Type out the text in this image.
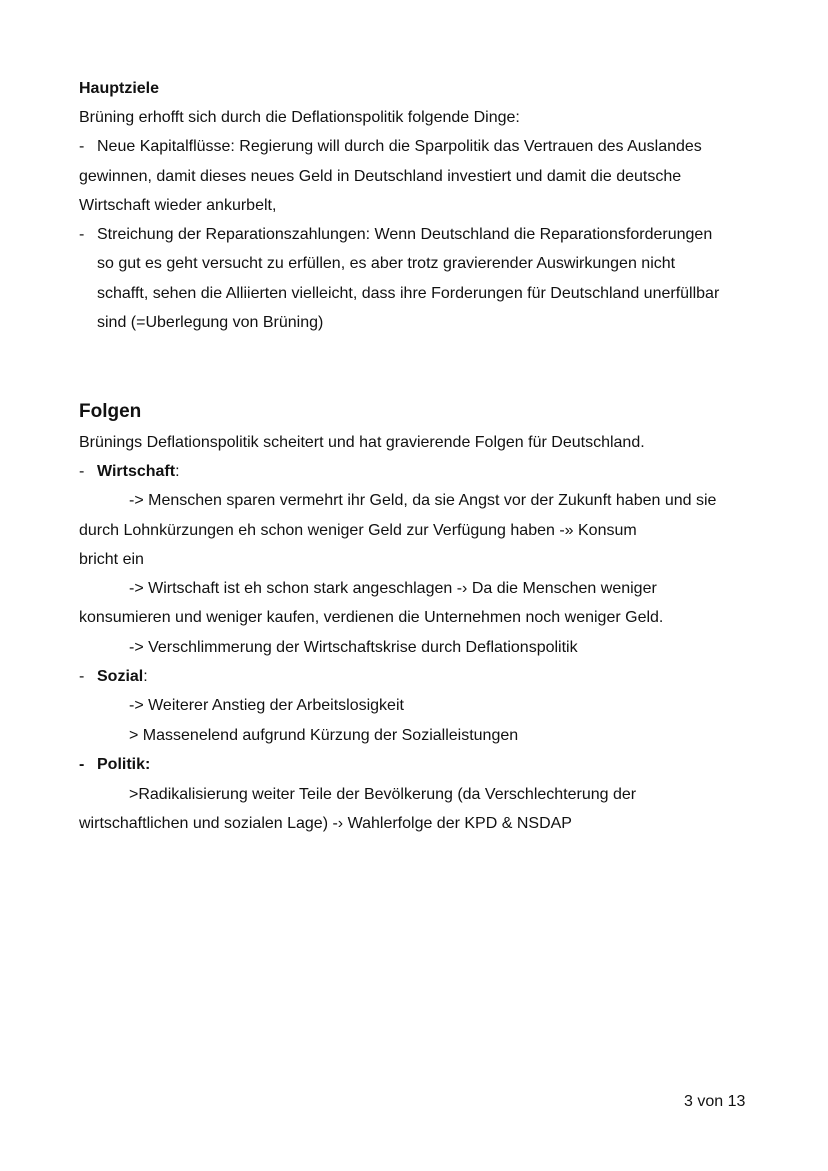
Hauptziele
Brüning erhofft sich durch die Deflationspolitik folgende Dinge:
- Neue Kapitalflüsse: Regierung will durch die Sparpolitik das Vertrauen des Auslandes
gewinnen, damit dieses neues Geld in Deutschland investiert und damit die deutsche
Wirtschaft wieder ankurbelt,
- Streichung der Reparationszahlungen: Wenn Deutschland die Reparationsforderungen
so gut es geht versucht zu erfüllen, es aber trotz gravierender Auswirkungen nicht
schafft, sehen die Alliierten vielleicht, dass ihre Forderungen für Deutschland unerfüllbar
sind (=Uberlegung von Brüning)
Folgen
Brünings Deflationspolitik scheitert und hat gravierende Folgen für Deutschland.
- Wirtschaft:
-> Menschen sparen vermehrt ihr Geld, da sie Angst vor der Zukunft haben und sie
durch Lohnkürzungen eh schon weniger Geld zur Verfügung haben -» Konsum
bricht ein
-> Wirtschaft ist eh schon stark angeschlagen -› Da die Menschen weniger
konsumieren und weniger kaufen, verdienen die Unternehmen noch weniger Geld.
-> Verschlimmerung der Wirtschaftskrise durch Deflationspolitik
- Sozial:
-> Weiterer Anstieg der Arbeitslosigkeit
> Massenelend aufgrund Kürzung der Sozialleistungen
- Politik:
>Radikalisierung weiter Teile der Bevölkerung (da Verschlechterung der
wirtschaftlichen und sozialen Lage) -› Wahlerfolge der KPD & NSDAP
3 von 13
